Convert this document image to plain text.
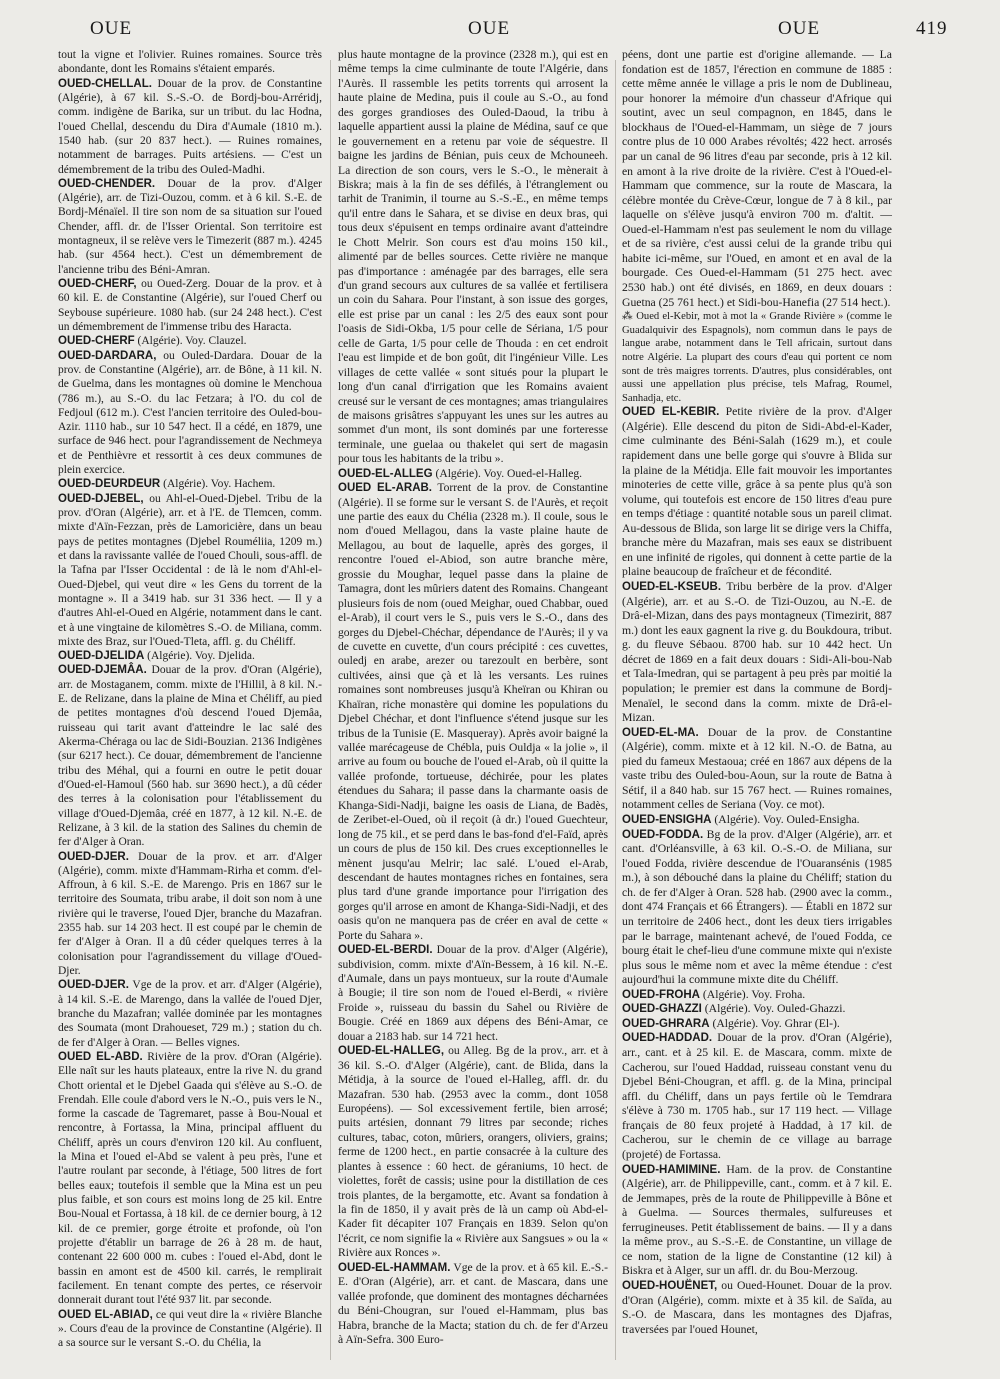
OUE	OUE	OUE	419

tout la vigne et l'olivier. Ruines romaines. Source très abondante, dont les Romains s'étaient emparés.

OUED-CHELLAL. Douar de la prov. de Constantine (Algérie), à 67 kil. S.-S.-O. de Bordj-bou-Arréridj, comm. indigène de Barika, sur un tribut. du lac Hodna, l'oued Chellal, descendu du Dira d'Aumale (1810 m.). 1540 hab. (sur 20 837 hect.). — Ruines romaines, notamment de barrages. Puits artésiens. — C'est un démembrement de la tribu des Ouled-Madhi.

OUED-CHENDER. Douar de la prov. d'Alger (Algérie), arr. de Tizi-Ouzou, comm. et à 6 kil. S.-E. de Bordj-Ménaïel. Il tire son nom de sa situation sur l'oued Chender, affl. dr. de l'Isser Oriental. Son territoire est montagneux, il se relève vers le Timezerit (887 m.). 4245 hab. (sur 4564 hect.). C'est un démembrement de l'ancienne tribu des Béni-Amran.

OUED-CHERF, ou Oued-Zerg. Douar de la prov. et à 60 kil. E. de Constantine (Algérie), sur l'oued Cherf ou Seybouse supérieure. 1080 hab. (sur 24 248 hect.). C'est un démembrement de l'immense tribu des Haracta.

OUED-CHERF (Algérie). Voy. Clauzel.

OUED-DARDARA, ou Ouled-Dardara. Douar de la prov. de Constantine (Algérie), arr. de Bône, à 11 kil. N. de Guelma, dans les montagnes où domine le Menchoua (786 m.), au S.-O. du lac Fetzara; à l'O. du col de Fedjoul (612 m.). C'est l'ancien territoire des Ouled-bou-Azir. 1110 hab., sur 10 547 hect. Il a cédé, en 1879, une surface de 946 hect. pour l'agrandissement de Nechmeya et de Penthièvre et ressortit à ces deux communes de plein exercice.

OUED-DEURDEUR (Algérie). Voy. Hachem.

OUED-DJEBEL, ou Ahl-el-Oued-Djebel. Tribu de la prov. d'Oran (Algérie), arr. et à l'E. de Tlemcen, comm. mixte d'Aïn-Fezzan, près de Lamoricière, dans un beau pays de petites montagnes (Djebel Rouméliia, 1209 m.) et dans la ravissante vallée de l'oued Chouli, sous-affl. de la Tafna par l'Isser Occidental : de là le nom d'Ahl-el-Oued-Djebel, qui veut dire « les Gens du torrent de la montagne ». Il a 3419 hab. sur 31 336 hect. — Il y a d'autres Ahl-el-Oued en Algérie, notamment dans le cant. et à une vingtaine de kilomètres S.-O. de Miliana, comm. mixte des Braz, sur l'Oued-Tleta, affl. g. du Chéliff.

OUED-DJELIDA (Algérie). Voy. Djelida.

OUED-DJEMÂA. Douar de la prov. d'Oran (Algérie), arr. de Mostaganem, comm. mixte de l'Hillil, à 8 kil. N.-E. de Relizane, dans la plaine de Mina et Chéliff, au pied de petites montagnes d'où descend l'oued Djemâa, ruisseau qui tarit avant d'atteindre le lac salé des Akerma-Chéraga ou lac de Sidi-Bouzian. 2136 Indigènes (sur 6217 hect.). Ce douar, démembrement de l'ancienne tribu des Méhal, qui a fourni en outre le petit douar d'Oued-el-Hamoul (560 hab. sur 3690 hect.), a dû céder des terres à la colonisation pour l'établissement du village d'Oued-Djemâa, créé en 1877, à 12 kil. N.-E. de Relizane, à 3 kil. de la station des Salines du chemin de fer d'Alger à Oran.

OUED-DJER. Douar de la prov. et arr. d'Alger (Algérie), comm. mixte d'Hammam-Rirha et comm. d'el-Affroun, à 6 kil. S.-E. de Marengo. Pris en 1867 sur le territoire des Soumata, tribu arabe, il doit son nom à une rivière qui le traverse, l'oued Djer, branche du Mazafran. 2355 hab. sur 14 203 hect. Il est coupé par le chemin de fer d'Alger à Oran. Il a dû céder quelques terres à la colonisation pour l'agrandissement du village d'Oued-Djer.

OUED-DJER. Vge de la prov. et arr. d'Alger (Algérie), à 14 kil. S.-E. de Marengo, dans la vallée de l'oued Djer, branche du Mazafran; vallée dominée par les montagnes des Soumata (mont Drahoueset, 729 m.) ; station du ch. de fer d'Alger à Oran. — Belles vignes.

OUED EL-ABD. Rivière de la prov. d'Oran (Algérie). Elle naît sur les hauts plateaux, entre la rive N. du grand Chott oriental et le Djebel Gaada qui s'élève au S.-O. de Frendah. Elle coule d'abord vers le N.-O., puis vers le N., forme la cascade de Tagremaret, passe à Bou-Noual et rencontre, à Fortassa, la Mina, principal affluent du Chéliff, après un cours d'environ 120 kil. Au confluent, la Mina et l'oued el-Abd se valent à peu près, l'une et l'autre roulant par seconde, à l'étiage, 500 litres de fort belles eaux; toutefois il semble que la Mina est un peu plus faible, et son cours est moins long de 25 kil. Entre Bou-Noual et Fortassa, à 18 kil. de ce dernier bourg, à 12 kil. de ce premier, gorge étroite et profonde, où l'on projette d'établir un barrage de 26 à 28 m. de haut, contenant 22 600 000 m. cubes : l'oued el-Abd, dont le bassin en amont est de 4500 kil. carrés, le remplirait facilement. En tenant compte des pertes, ce réservoir donnerait durant tout l'été 937 lit. par seconde.

OUED EL-ABIAD, ce qui veut dire la « rivière Blanche ». Cours d'eau de la province de Constantine (Algérie). Il a sa source sur le versant S.-O. du Chélia, la

plus haute montagne de la province (2328 m.), qui est en même temps la cime culminante de toute l'Algérie, dans l'Aurès. Il rassemble les petits torrents qui arrosent la haute plaine de Medina, puis il coule au S.-O., au fond des gorges grandioses des Ouled-Daoud, la tribu à laquelle appartient aussi la plaine de Médina, sauf ce que le gouvernement en a retenu par voie de séquestre. Il baigne les jardins de Bénian, puis ceux de Mchouneeh. La direction de son cours, vers le S.-O., le mènerait à Biskra; mais à la fin de ses défilés, à l'étranglement ou tarhit de Tranimin, il tourne au S.-S.-E., en même temps qu'il entre dans le Sahara, et se divise en deux bras, qui tous deux s'épuisent en temps ordinaire avant d'atteindre le Chott Melrir. Son cours est d'au moins 150 kil., alimenté par de belles sources. Cette rivière ne manque pas d'importance : aménagée par des barrages, elle sera d'un grand secours aux cultures de sa vallée et fertilisera un coin du Sahara. Pour l'instant, à son issue des gorges, elle est prise par un canal : les 2/5 des eaux sont pour l'oasis de Sidi-Okba, 1/5 pour celle de Sériana, 1/5 pour celle de Garta, 1/5 pour celle de Thouda : en cet endroit l'eau est limpide et de bon goût, dit l'ingénieur Ville. Les villages de cette vallée « sont situés pour la plupart le long d'un canal d'irrigation que les Romains avaient creusé sur le versant de ces montagnes; amas triangulaires de maisons grisâtres s'appuyant les unes sur les autres au sommet d'un mont, ils sont dominés par une forteresse terminale, une guelaa ou thakelet qui sert de magasin pour tous les habitants de la tribu ».

OUED-EL-ALLEG (Algérie). Voy. Oued-el-Halleg.

OUED EL-ARAB. Torrent de la prov. de Constantine (Algérie). Il se forme sur le versant S. de l'Aurès, et reçoit une partie des eaux du Chélia (2328 m.). Il coule, sous le nom d'oued Mellagou, dans la vaste plaine haute de Mellagou, au bout de laquelle, après des gorges, il rencontre l'oued el-Abiod, son autre branche mère, grossie du Moughar, lequel passe dans la plaine de Tamagra, dont les mûriers datent des Romains. Changeant plusieurs fois de nom (oued Meighar, oued Chabbar, oued el-Arab), il court vers le S., puis vers le S.-O., dans des gorges du Djebel-Chéchar, dépendance de l'Aurès; il y va de cuvette en cuvette, d'un cours précipité : ces cuvettes, ouledj en arabe, arezer ou tarezoult en berbère, sont cultivées, ainsi que çà et là les versants. Les ruines romaines sont nombreuses jusqu'à Kheïran ou Khiran ou Khaïran, riche monastère qui domine les populations du Djebel Chéchar, et dont l'influence s'étend jusque sur les tribus de la Tunisie (E. Masqueray). Après avoir baigné la vallée marécageuse de Chébla, puis Ouldja « la jolie », il arrive au foum ou bouche de l'oued el-Arab, où il quitte la vallée profonde, tortueuse, déchirée, pour les plates étendues du Sahara; il passe dans la charmante oasis de Khanga-Sidi-Nadji, baigne les oasis de Liana, de Badès, de Zeribet-el-Oued, où il reçoit (à dr.) l'oued Guechteur, long de 75 kil., et se perd dans le bas-fond d'el-Faïd, après un cours de plus de 150 kil. Des crues exceptionnelles le mènent jusqu'au Melrir; lac salé. L'oued el-Arab, descendant de hautes montagnes riches en fontaines, sera plus tard d'une grande importance pour l'irrigation des gorges qu'il arrose en amont de Khanga-Sidi-Nadji, et des oasis qu'on ne manquera pas de créer en aval de cette « Porte du Sahara ».

OUED-EL-BERDI. Douar de la prov. d'Alger (Algérie), subdivision, comm. mixte d'Aïn-Bessem, à 16 kil. N.-E. d'Aumale, dans un pays montueux, sur la route d'Aumale à Bougie; il tire son nom de l'oued el-Berdi, « rivière Froide », ruisseau du bassin du Sahel ou Rivière de Bougie. Créé en 1869 aux dépens des Béni-Amar, ce douar a 2183 hab. sur 14 721 hect.

OUED-EL-HALLEG, ou Alleg. Bg de la prov., arr. et à 36 kil. S.-O. d'Alger (Algérie), cant. de Blida, dans la Métidja, à la source de l'oued el-Halleg, affl. dr. du Mazafran. 530 hab. (2953 avec la comm., dont 1058 Européens). — Sol excessivement fertile, bien arrosé; puits artésien, donnant 79 litres par seconde; riches cultures, tabac, coton, mûriers, orangers, oliviers, grains; ferme de 1200 hect., en partie consacrée à la culture des plantes à essence : 60 hect. de géraniums, 10 hect. de violettes, forêt de cassis; usine pour la distillation de ces trois plantes, de la bergamotte, etc. Avant sa fondation à la fin de 1850, il y avait près de là un camp où Abd-el-Kader fit décapiter 107 Français en 1839. Selon qu'on l'écrit, ce nom signifie la « Rivière aux Sangsues » ou la « Rivière aux Ronces ».

OUED-EL-HAMMAM. Vge de la prov. et à 65 kil. E.-S.-E. d'Oran (Algérie), arr. et cant. de Mascara, dans une vallée profonde, que dominent des montagnes décharnées du Béni-Chougran, sur l'oued el-Hammam, plus bas Habra, branche de la Macta; station du ch. de fer d'Arzeu à Aïn-Sefra. 300 Euro-

péens, dont une partie est d'origine allemande. — La fondation est de 1857, l'érection en commune de 1885 : cette même année le village a pris le nom de Dublineau, pour honorer la mémoire d'un chasseur d'Afrique qui soutint, avec un seul compagnon, en 1845, dans le blockhaus de l'Oued-el-Hammam, un siège de 7 jours contre plus de 10 000 Arabes révoltés; 422 hect. arrosés par un canal de 96 litres d'eau par seconde, pris à 12 kil. en amont à la rive droite de la rivière. C'est à l'Oued-el-Hammam que commence, sur la route de Mascara, la célèbre montée du Crève-Cœur, longue de 7 à 8 kil., par laquelle on s'élève jusqu'à environ 700 m. d'altit. — Oued-el-Hammam n'est pas seulement le nom du village et de sa rivière, c'est aussi celui de la grande tribu qui habite ici-même, sur l'Oued, en amont et en aval de la bourgade. Ces Oued-el-Hammam (51 275 hect. avec 2530 hab.) ont été divisés, en 1869, en deux douars : Guetna (25 761 hect.) et Sidi-bou-Hanefia (27 514 hect.).

⁂ Oued el-Kebir, mot à mot la « Grande Rivière » (comme le Guadalquivir des Espagnols), nom commun dans le pays de langue arabe, notamment dans le Tell africain, surtout dans notre Algérie. La plupart des cours d'eau qui portent ce nom sont de très maigres torrents. D'autres, plus considérables, ont aussi une appellation plus précise, tels Mafrag, Roumel, Sanhadja, etc.

OUED EL-KEBIR. Petite rivière de la prov. d'Alger (Algérie). Elle descend du piton de Sidi-Abd-el-Kader, cime culminante des Béni-Salah (1629 m.), et coule rapidement dans une belle gorge qui s'ouvre à Blida sur la plaine de la Métidja. Elle fait mouvoir les importantes minoteries de cette ville, grâce à sa pente plus qu'à son volume, qui toutefois est encore de 150 litres d'eau pure en temps d'étiage : quantité notable sous un pareil climat. Au-dessous de Blida, son large lit se dirige vers la Chiffa, branche mère du Mazafran, mais ses eaux se distribuent en une infinité de rigoles, qui donnent à cette partie de la plaine beaucoup de fraîcheur et de fécondité.

OUED-EL-KSEUB. Tribu berbère de la prov. d'Alger (Algérie), arr. et au S.-O. de Tizi-Ouzou, au N.-E. de Drâ-el-Mizan, dans des pays montagneux (Timezirit, 887 m.) dont les eaux gagnent la rive g. du Boukdoura, tribut. g. du fleuve Sébaou. 8700 hab. sur 10 442 hect. Un décret de 1869 en a fait deux douars : Sidi-Ali-bou-Nab et Tala-Imedran, qui se partagent à peu près par moitié la population; le premier est dans la commune de Bordj-Menaïel, le second dans la comm. mixte de Drâ-el-Mizan.

OUED-EL-MA. Douar de la prov. de Constantine (Algérie), comm. mixte et à 12 kil. N.-O. de Batna, au pied du fameux Mestaoua; créé en 1867 aux dépens de la vaste tribu des Ouled-bou-Aoun, sur la route de Batna à Sétif, il a 840 hab. sur 15 767 hect. — Ruines romaines, notamment celles de Seriana (Voy. ce mot).

OUED-ENSIGHA (Algérie). Voy. Ouled-Ensigha.

OUED-FODDA. Bg de la prov. d'Alger (Algérie), arr. et cant. d'Orléansville, à 63 kil. O.-S.-O. de Miliana, sur l'oued Fodda, rivière descendue de l'Ouaransénis (1985 m.), à son débouché dans la plaine du Chéliff; station du ch. de fer d'Alger à Oran. 528 hab. (2900 avec la comm., dont 474 Français et 66 Étrangers). — Établi en 1872 sur un territoire de 2406 hect., dont les deux tiers irrigables par le barrage, maintenant achevé, de l'oued Fodda, ce bourg était le chef-lieu d'une commune mixte qui n'existe plus sous le même nom et avec la même étendue : c'est aujourd'hui la commune mixte dite du Chéliff.

OUED-FROHA (Algérie). Voy. Froha.

OUED-GHAZZI (Algérie). Voy. Ouled-Ghazzi.

OUED-GHRARA (Algérie). Voy. Ghrar (El-).

OUED-HADDAD. Douar de la prov. d'Oran (Algérie), arr., cant. et à 25 kil. E. de Mascara, comm. mixte de Cacherou, sur l'oued Haddad, ruisseau constant venu du Djebel Béni-Chougran, et affl. g. de la Mina, principal affl. du Chéliff, dans un pays fertile où le Temdrara s'élève à 730 m. 1705 hab., sur 17 119 hect. — Village français de 80 feux projeté à Haddad, à 17 kil. de Cacherou, sur le chemin de ce village au barrage (projeté) de Fortassa.

OUED-HAMIMINE. Ham. de la prov. de Constantine (Algérie), arr. de Philippeville, cant., comm. et à 7 kil. E. de Jemmapes, près de la route de Philippeville à Bône et à Guelma. — Sources thermales, sulfureuses et ferrugineuses. Petit établissement de bains. — Il y a dans la même prov., au S.-S.-E. de Constantine, un village de ce nom, station de la ligne de Constantine (12 kil) à Biskra et à Alger, sur un affl. dr. du Bou-Merzoug.

OUED-HOUËNET, ou Oued-Hounet. Douar de la prov. d'Oran (Algérie), comm. mixte et à 35 kil. de Saïda, au S.-O. de Mascara, dans les montagnes des Djafras, traversées par l'oued Hounet,
